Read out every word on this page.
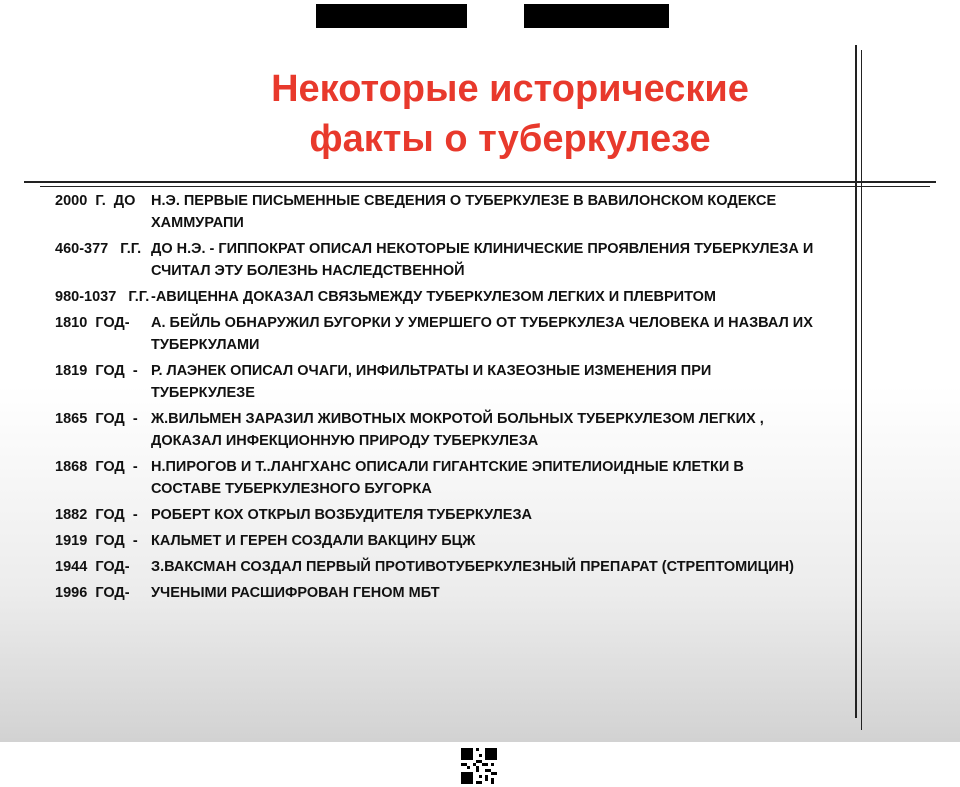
Некоторые исторические
факты о туберкулезе
2000  Г.  ДО	Н.Э. ПЕРВЫЕ ПИСЬМЕННЫЕ СВЕДЕНИЯ О ТУБЕРКУЛЕЗЕ В ВАВИЛОНСКОМ КОДЕКСЕ ХАММУРАПИ
460-377   Г.Г. ДО Н.Э. - ГИППОКРАТ ОПИСАЛ НЕКОТОРЫЕ КЛИНИЧЕСКИЕ ПРОЯВЛЕНИЯ ТУБЕРКУЛЕЗА И СЧИТАЛ ЭТУ БОЛЕЗНЬ НАСЛЕДСТВЕННОЙ
980-1037   Г.Г. -АВИЦЕННА ДОКАЗАЛ СВЯЗЬМЕЖДУ ТУБЕРКУЛЕЗОМ ЛЕГКИХ И ПЛЕВРИТОМ
1810  ГОД-	А. БЕЙЛЬ ОБНАРУЖИЛ БУГОРКИ У УМЕРШЕГО ОТ ТУБЕРКУЛЕЗА ЧЕЛОВЕКА И НАЗВАЛ ИХ ТУБЕРКУЛАМИ
1819  ГОД  - Р. ЛАЭНЕК ОПИСАЛ ОЧАГИ, ИНФИЛЬТРАТЫ И КАЗЕОЗНЫЕ ИЗМЕНЕНИЯ ПРИ ТУБЕРКУЛЕЗЕ
1865  ГОД  - Ж.ВИЛЬМЕН ЗАРАЗИЛ ЖИВОТНЫХ МОКРОТОЙ БОЛЬНЫХ ТУБЕРКУЛЕЗОМ ЛЕГКИХ , ДОКАЗАЛ ИНФЕКЦИОННУЮ ПРИРОДУ ТУБЕРКУЛЕЗА
1868  ГОД  - Н.ПИРОГОВ И Т..ЛАНГХАНС ОПИСАЛИ ГИГАНТСКИЕ ЭПИТЕЛИОИДНЫЕ КЛЕТКИ В СОСТАВЕ ТУБЕРКУЛЕЗНОГО БУГОРКА
1882  ГОД  - РОБЕРТ КОХ ОТКРЫЛ ВОЗБУДИТЕЛЯ ТУБЕРКУЛЕЗА
1919  ГОД  - КАЛЬМЕТ И ГЕРЕН СОЗДАЛИ ВАКЦИНУ БЦЖ
1944  ГОД-	З.ВАКСМАН СОЗДАЛ ПЕРВЫЙ ПРОТИВОТУБЕРКУЛЕЗНЫЙ ПРЕПАРАТ (СТРЕПТОМИЦИН)
1996  ГОД-	УЧЕНЫМИ РАСШИФРОВАН ГЕНОМ МБТ
